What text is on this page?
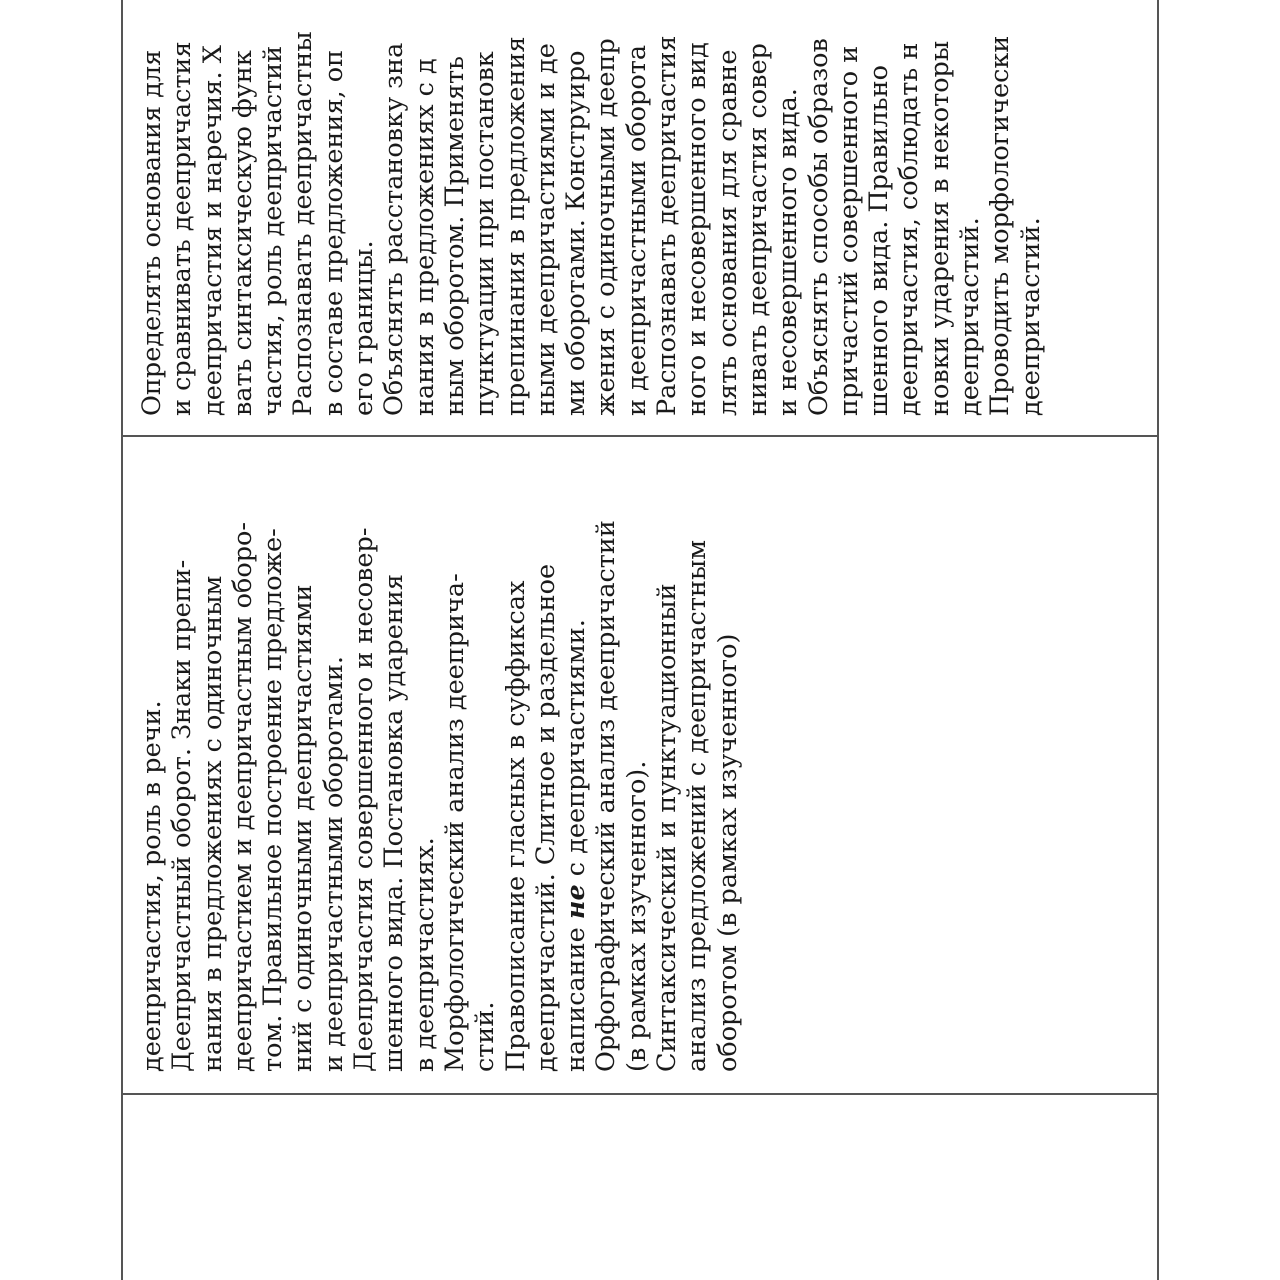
Определять основания для и сравнивать деепричастия деепричастия и наречия. Х вать синтаксическую функ частия, роль деепричастий Распознавать деепричастны в составе предложения, оп его границы. Объяснять расстановку зна нания в предложениях с д ным оборотом. Применять пунктуации при постановк препинания в предложения ными деепричастиями и де ми оборотами. Конструиро жения с одиночными деепр и деепричастными оборота Распознавать деепричастия ного и несовершенного вид лять основания для сравне нивать деепричастия совер и несовершенного вида. Объяснять способы образов причастий совершенного и шенного вида. Правильно деепричастия, соблюдать н новки ударения в некоторы деепричастий. Проводить морфологически деепричастий.
деепричастия, роль в речи. Деепричастный оборот. Знаки препи- нания в предложениях с одиночным деепричастием и деепричастным оборо- том. Правильное построение предложе- ний с одиночными деепричастиями и деепричастными оборотами. Деепричастия совершенного и несовер- шенного вида. Постановка ударения в деепричастиях. Морфологический анализ дееприча- стий. Правописание гласных в суффиксах деепричастий. Слитное и раздельное написание не с деепричастиями. Орфографический анализ деепричастий (в рамках изученного). Синтаксический и пунктуационный анализ предложений с деепричастным оборотом (в рамках изученного)
